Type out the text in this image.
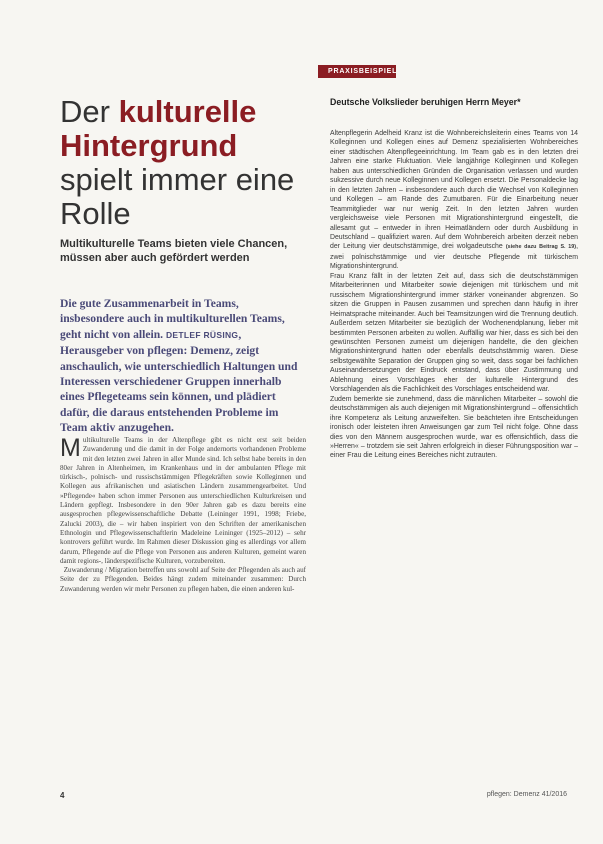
PRAXISBEISPIEL
Der kulturelle Hintergrund spielt immer eine Rolle

Multikulturelle Teams bieten viele Chancen, müssen aber auch gefördert werden

Die gute Zusammenarbeit in Teams, insbesondere auch in multikulturellen Teams, geht nicht von allein. DETLEF RÜSING, Herausgeber von pflegen: Demenz, zeigt anschaulich, wie unterschiedlich Haltungen und Interessen verschiedener Gruppen innerhalb eines Pflegeteams sein können, und plädiert dafür, die daraus entstehenden Probleme im Team aktiv anzugehen.

Multikulturelle Teams in der Altenpflege gibt es nicht erst seit beiden Zuwanderung und die damit in der Folge andernorts vorhandenen Probleme mit den letzten zwei Jahren in aller Munde sind. Ich selbst habe bereits in den 80er Jahren in Altenheimen, im Krankenhaus und in der ambulanten Pflege mit türkisch-, polnisch- und russischstämmigen Pflegekräften sowie Kolleginnen und Kollegen aus afrikanischen und asiatischen Ländern zusammengearbeitet. Und »Pflegende« haben schon immer Personen aus unterschiedlichen Kulturkreisen und Ländern gepflegt. Insbesondere in den 90er Jahren gab es dazu bereits eine ausgesprochen pflegewissenschaftliche Debatte (Leininger 1991, 1998; Friebe, Zalucki 2003), die – wir haben inspiriert von den Schriften der amerikanischen Ethnologin und Pflegewissenschaftlerin Madeleine Leininger (1925–2012) – sehr kontrovers geführt wurde. Im Rahmen dieser Diskussion ging es allerdings vor allem darum, Pflegende auf die Pflege von Personen aus anderen Kulturen, gemeint waren damit regions-, länderspezifische Kulturen, vorzubereiten.

Zuwanderung / Migration betreffen uns sowohl auf Seite der Pflegenden als auch auf Seite der zu Pflegenden. Beides hängt zudem miteinander zusammen: Durch Zuwanderung werden wir mehr Personen zu pflegen haben, die einen anderen kul-

Deutsche Volkslieder beruhigen Herrn Meyer*

Altenpflegerin Adelheid Kranz ist die Wohnbereichsleiterin eines Teams von 14 Kolleginnen und Kollegen eines auf Demenz spezialisierten Wohnbereiches einer städtischen Altenpflegeeinrichtung. Im Team gab es in den letzten drei Jahren eine starke Fluktuation. Viele langjährige Kolleginnen und Kollegen haben aus unterschiedlichen Gründen die Organisation verlassen und wurden sukzessive durch neue Kolleginnen und Kollegen ersetzt. Die Personaldecke lag in den letzten Jahren – insbesondere auch durch die Wechsel von Kolleginnen und Kollegen – am Rande des Zumutbaren. Für die Einarbeitung neuer Teammitglieder war nur wenig Zeit. In den letzten Jahren wurden vergleichsweise viele Personen mit Migrationshintergrund eingestellt, die allesamt gut – entweder in ihren Heimatländern oder durch Ausbildung in Deutschland – qualifiziert waren. Auf dem Wohnbereich arbeiten derzeit neben der Leitung vier deutschstämmige, drei wolgadeutsche (siehe dazu Beitrag S. 19), zwei polnischstämmige und vier deutsche Pflegende mit türkischem Migrationshintergrund.

Frau Kranz fällt in der letzten Zeit auf, dass sich die deutschstämmigen Mitarbeiterinnen und Mitarbeiter sowie diejenigen mit türkischem und mit russischem Migrationshintergrund immer stärker voneinander abgrenzen. So sitzen die Gruppen in Pausen zusammen und sprechen dann häufig in ihrer Heimatsprache miteinander. Auch bei Teamsitzungen wird die Trennung deutlich. Außerdem setzen Mitarbeiter sie bezüglich der Wochenendplanung, lieber mit bestimmten Personen arbeiten zu wollen. Auffällig war hier, dass es sich bei den gewünschten Personen zumeist um diejenigen handelte, die den gleichen Migrationshintergrund hatten oder ebenfalls deutschstämmig waren. Diese selbstgewählte Separation der Gruppen ging so weit, dass sogar bei fachlichen Auseinandersetzungen der Eindruck entstand, dass über Zustimmung und Ablehnung eines Vorschlages eher der kulturelle Hintergrund des Vorschlagenden als die Fachlichkeit des Vorschlages entscheidend war.

Zudem bemerkte sie zunehmend, dass die männlichen Mitarbeiter – sowohl die deutschstämmigen als auch diejenigen mit Migrationshintergrund – offensichtlich ihre Kompetenz als Leitung anzweifelten. Sie beächteten ihre Entscheidungen ironisch oder leisteten ihren Anweisungen gar zum Teil nicht folge. Ohne dass dies von den Männern ausgesprochen wurde, war es offensichtlich, dass die »Herren« – trotzdem sie seit Jahren erfolgreich in dieser Führungsposition war – einer Frau die Leitung eines Bereiches nicht zutrauten.

4	pflegen: Demenz 41/2016
